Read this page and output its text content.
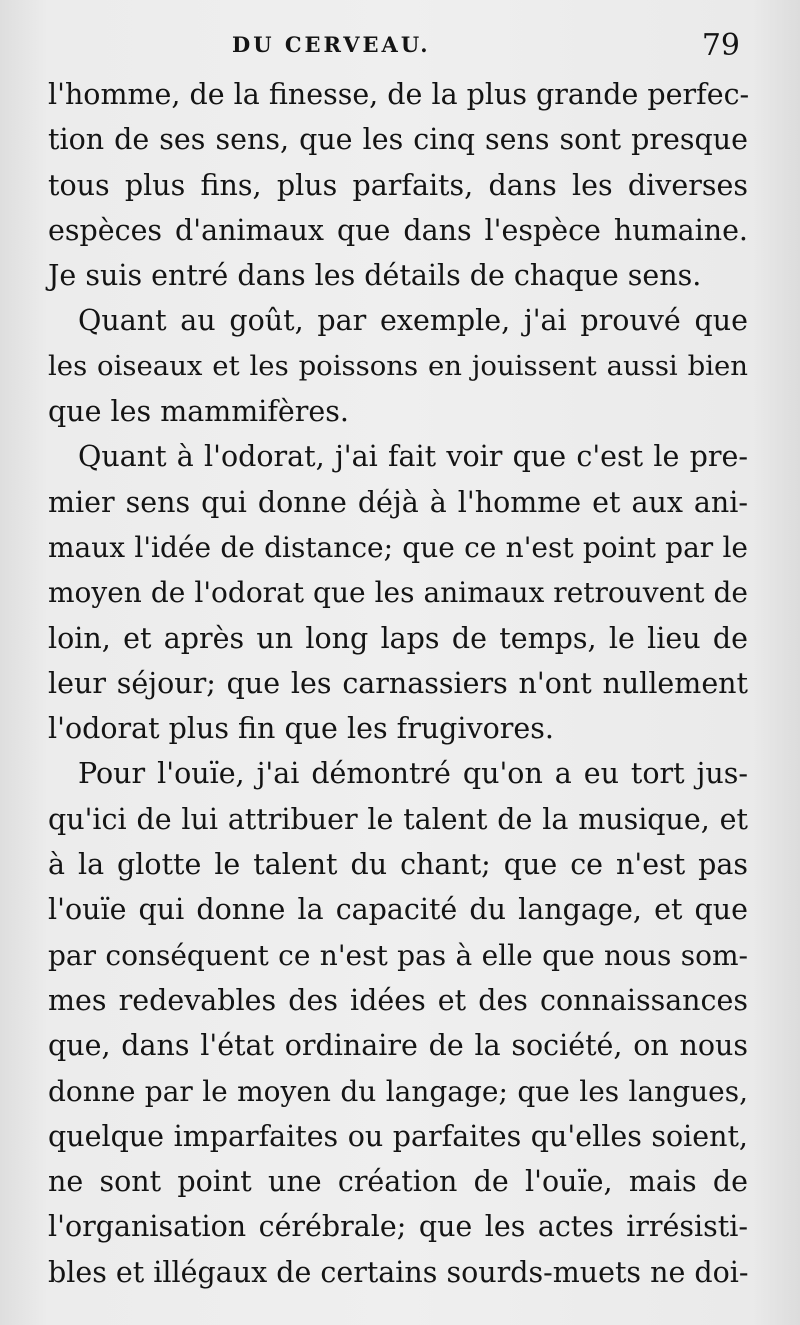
DU CERVEAU.	79
l'homme, de la finesse, de la plus grande perfec-
tion de ses sens, que les cinq sens sont presque
tous plus fins, plus parfaits, dans les diverses
espèces d'animaux que dans l'espèce humaine.
Je suis entré dans les détails de chaque sens.
Quant au goût, par exemple, j'ai prouvé que
les oiseaux et les poissons en jouissent aussi bien
que les mammifères.
Quant à l'odorat, j'ai fait voir que c'est le pre-
mier sens qui donne déjà à l'homme et aux ani-
maux l'idée de distance; que ce n'est point par le
moyen de l'odorat que les animaux retrouvent de
loin, et après un long laps de temps, le lieu de
leur séjour; que les carnassiers n'ont nullement
l'odorat plus fin que les frugivores.
Pour l'ouïe, j'ai démontré qu'on a eu tort jus-
qu'ici de lui attribuer le talent de la musique, et
à la glotte le talent du chant; que ce n'est pas
l'ouïe qui donne la capacité du langage, et que
par conséquent ce n'est pas à elle que nous som-
mes redevables des idées et des connaissances
que, dans l'état ordinaire de la société, on nous
donne par le moyen du langage; que les langues,
quelque imparfaites ou parfaites qu'elles soient,
ne sont point une création de l'ouïe, mais de
l'organisation cérébrale; que les actes irrésisti-
bles et illégaux de certains sourds-muets ne doi-
